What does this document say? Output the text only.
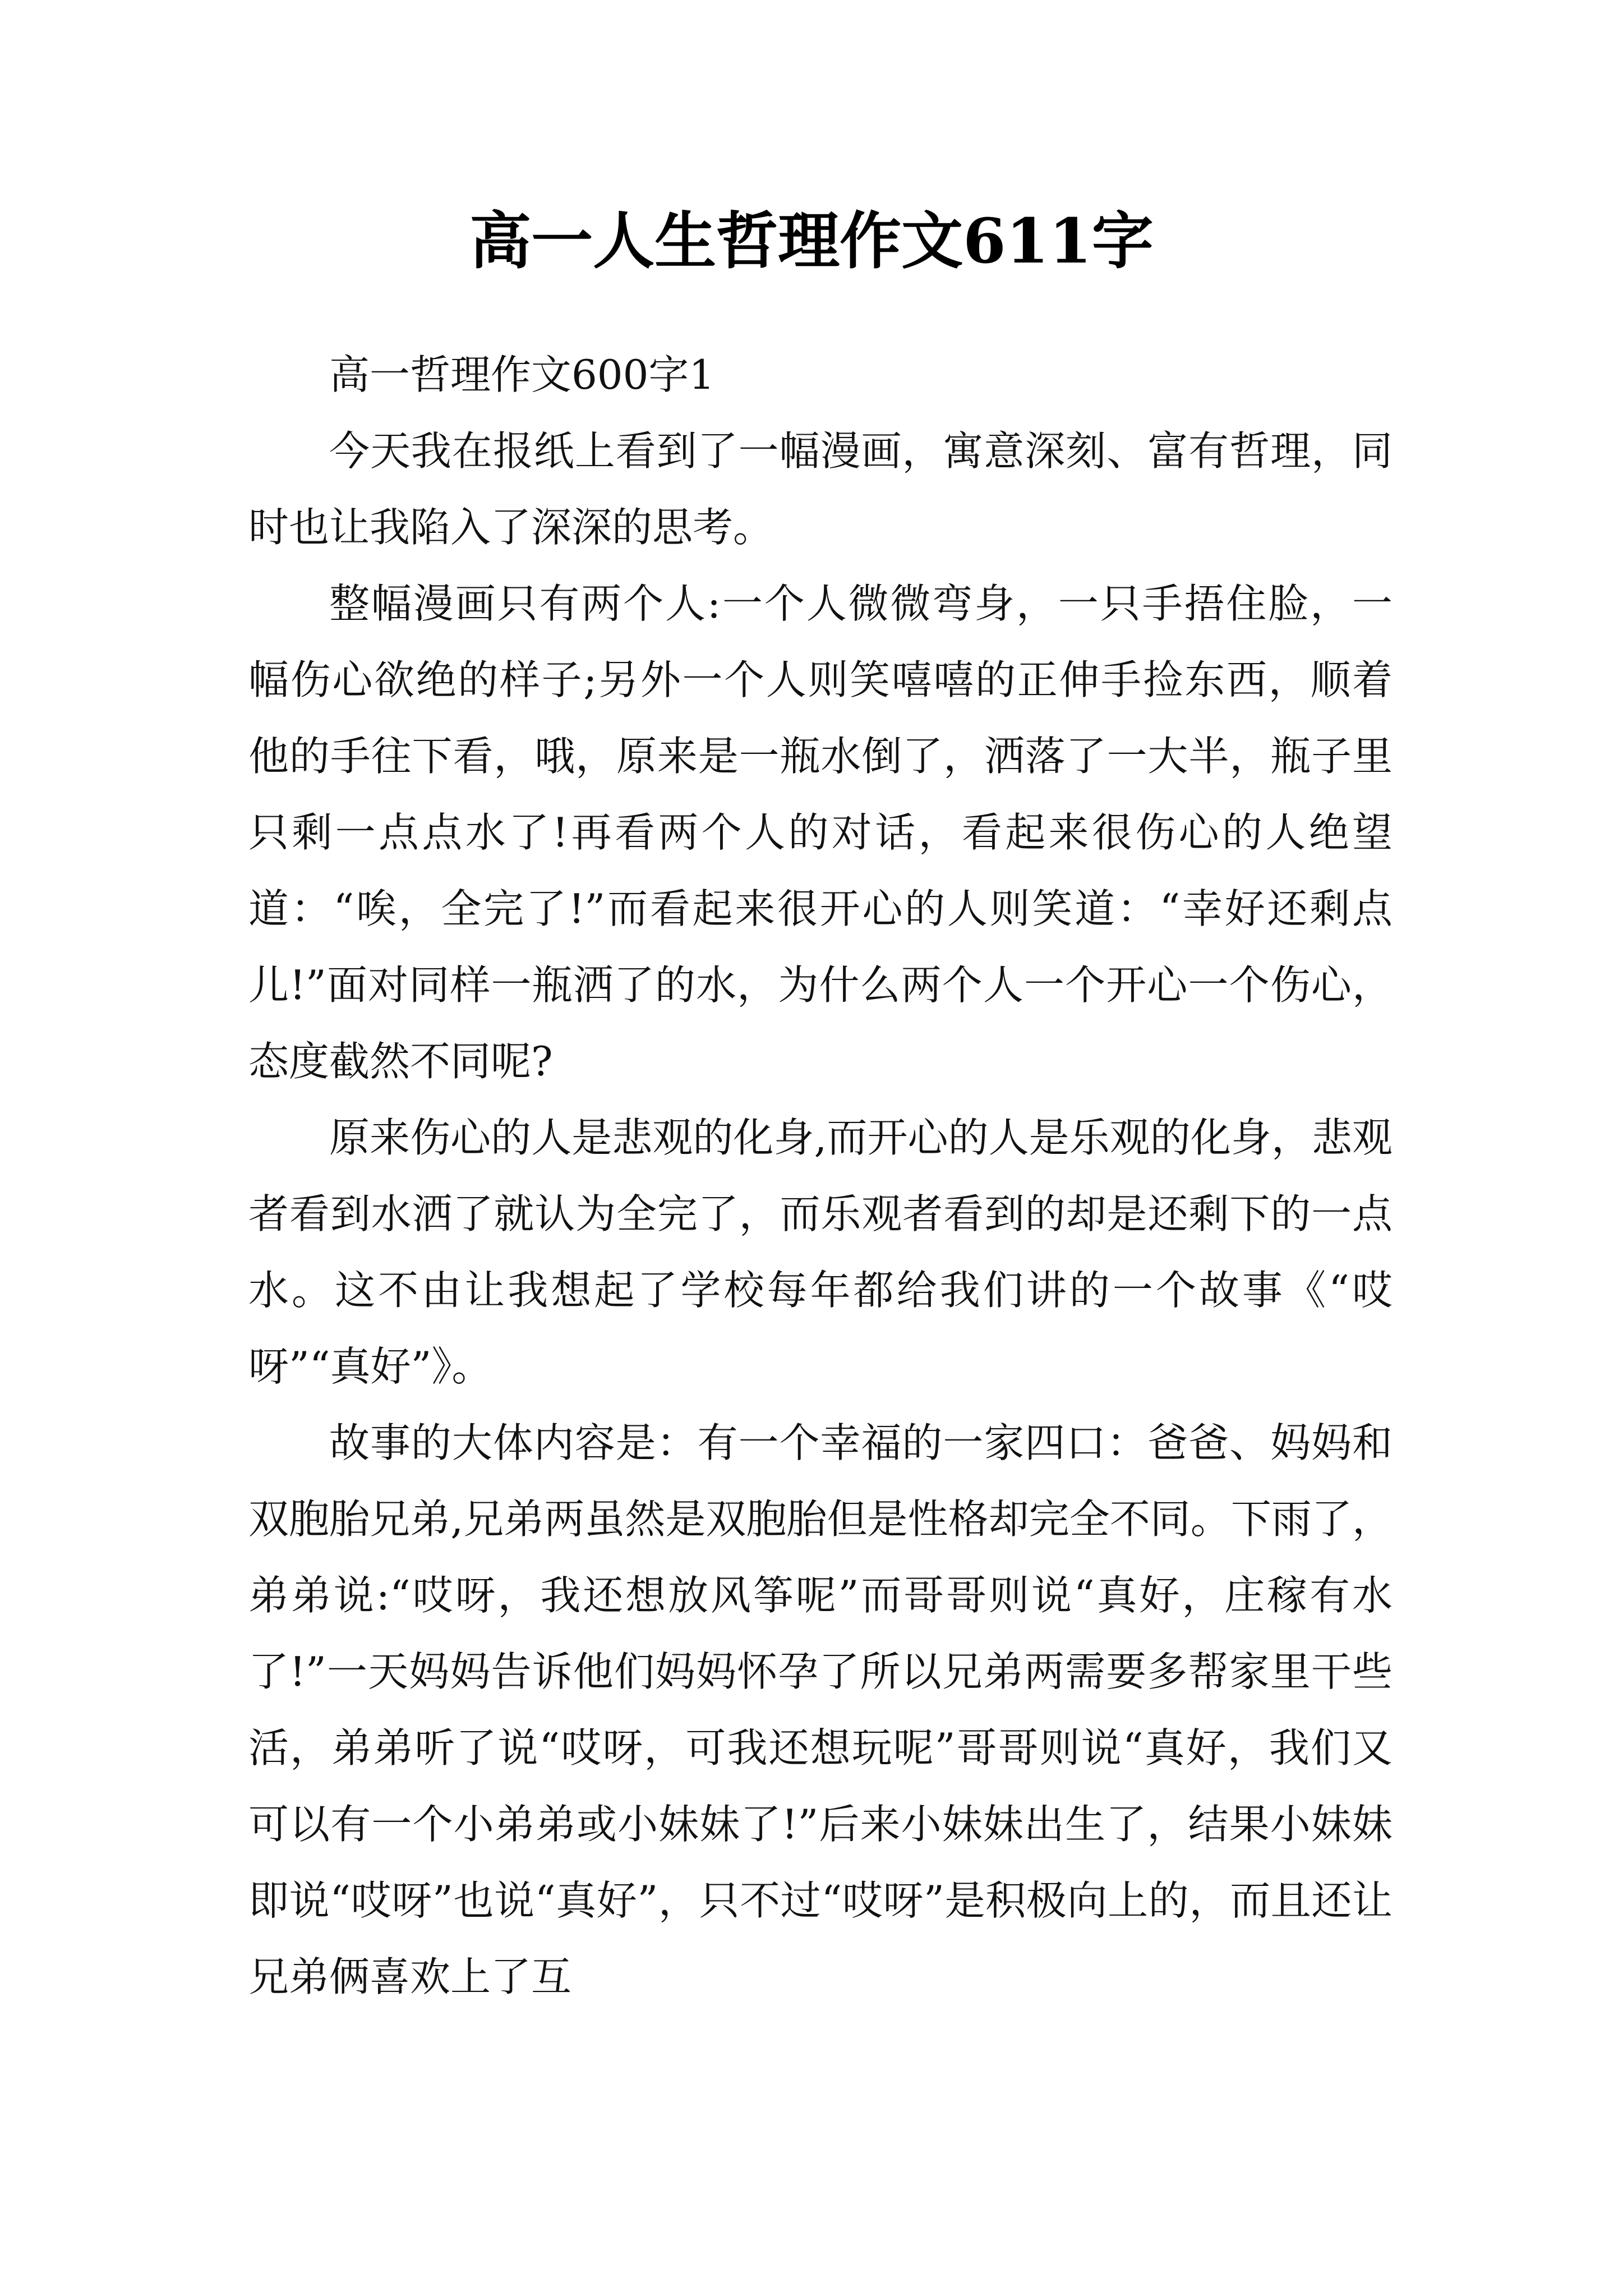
高一人生哲理作文611字

高一哲理作文600字1

今天我在报纸上看到了一幅漫画，寓意深刻、富有哲理，同时也让我陷入了深深的思考。

整幅漫画只有两个人:一个人微微弯身，一只手捂住脸，一幅伤心欲绝的样子;另外一个人则笑嘻嘻的正伸手捡东西，顺着他的手往下看，哦，原来是一瓶水倒了，洒落了一大半，瓶子里只剩一点点水了!再看两个人的对话，看起来很伤心的人绝望道：“唉，全完了!”而看起来很开心的人则笑道：“幸好还剩点儿!”面对同样一瓶洒了的水，为什么两个人一个开心一个伤心，态度截然不同呢?

原来伤心的人是悲观的化身,而开心的人是乐观的化身，悲观者看到水洒了就认为全完了，而乐观者看到的却是还剩下的一点水。这不由让我想起了学校每年都给我们讲的一个故事《“哎呀”“真好”》。

故事的大体内容是：有一个幸福的一家四口：爸爸、妈妈和双胞胎兄弟,兄弟两虽然是双胞胎但是性格却完全不同。下雨了，弟弟说:“哎呀，我还想放风筝呢”而哥哥则说“真好，庄稼有水了!”一天妈妈告诉他们妈妈怀孕了所以兄弟两需要多帮家里干些活，弟弟听了说“哎呀，可我还想玩呢”哥哥则说“真好，我们又可以有一个小弟弟或小妹妹了!”后来小妹妹出生了，结果小妹妹即说“哎呀”也说“真好”，只不过“哎呀”是积极向上的，而且还让兄弟俩喜欢上了互
